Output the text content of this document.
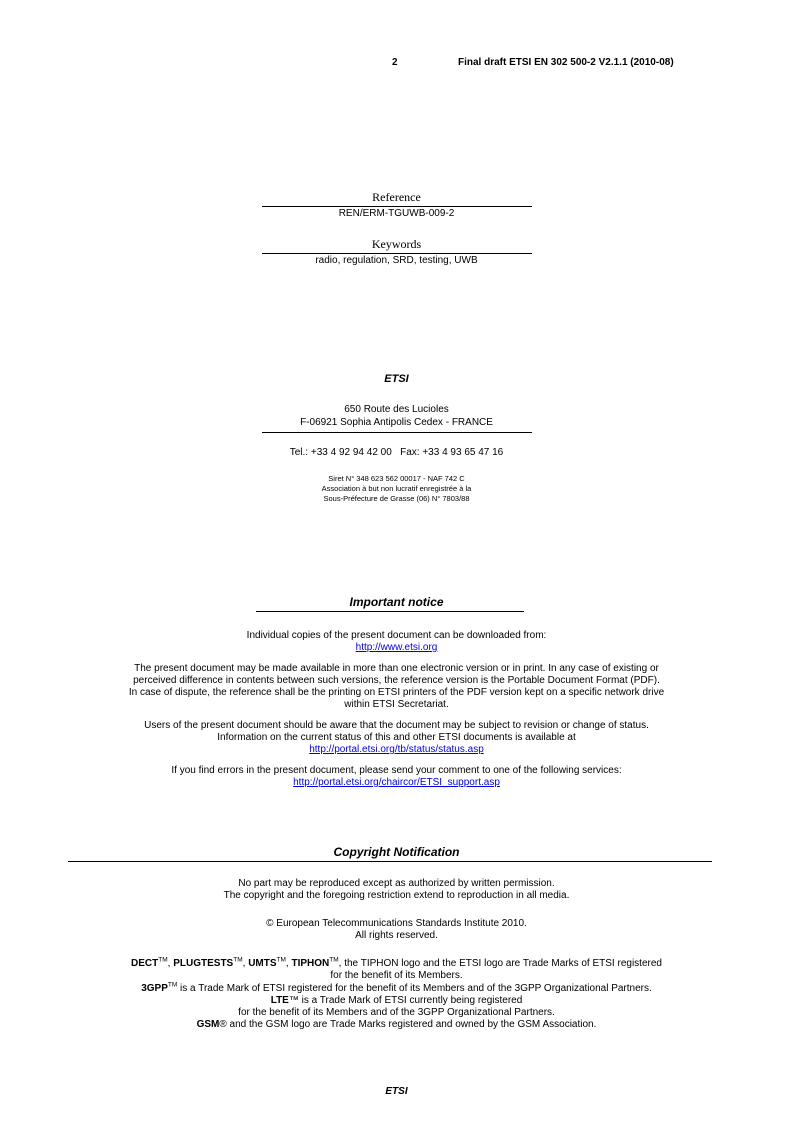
2	Final draft ETSI EN 302 500-2 V2.1.1 (2010-08)
Reference
REN/ERM-TGUWB-009-2
Keywords
radio, regulation, SRD, testing, UWB
ETSI
650 Route des Lucioles
F-06921 Sophia Antipolis Cedex - FRANCE
Tel.: +33 4 92 94 42 00   Fax: +33 4 93 65 47 16
Siret N° 348 623 562 00017 - NAF 742 C
Association à but non lucratif enregistrée à la
Sous-Préfecture de Grasse (06) N° 7803/88
Important notice
Individual copies of the present document can be downloaded from:
http://www.etsi.org
The present document may be made available in more than one electronic version or in print. In any case of existing or
perceived difference in contents between such versions, the reference version is the Portable Document Format (PDF).
In case of dispute, the reference shall be the printing on ETSI printers of the PDF version kept on a specific network drive
within ETSI Secretariat.
Users of the present document should be aware that the document may be subject to revision or change of status.
Information on the current status of this and other ETSI documents is available at
http://portal.etsi.org/tb/status/status.asp
If you find errors in the present document, please send your comment to one of the following services:
http://portal.etsi.org/chaircor/ETSI_support.asp
Copyright Notification
No part may be reproduced except as authorized by written permission.
The copyright and the foregoing restriction extend to reproduction in all media.
© European Telecommunications Standards Institute 2010.
All rights reserved.
DECT™, PLUGTESTS™, UMTS™, TIPHON™, the TIPHON logo and the ETSI logo are Trade Marks of ETSI registered
for the benefit of its Members.
3GPP™ is a Trade Mark of ETSI registered for the benefit of its Members and of the 3GPP Organizational Partners.
LTE™ is a Trade Mark of ETSI currently being registered
for the benefit of its Members and of the 3GPP Organizational Partners.
GSM® and the GSM logo are Trade Marks registered and owned by the GSM Association.
ETSI
